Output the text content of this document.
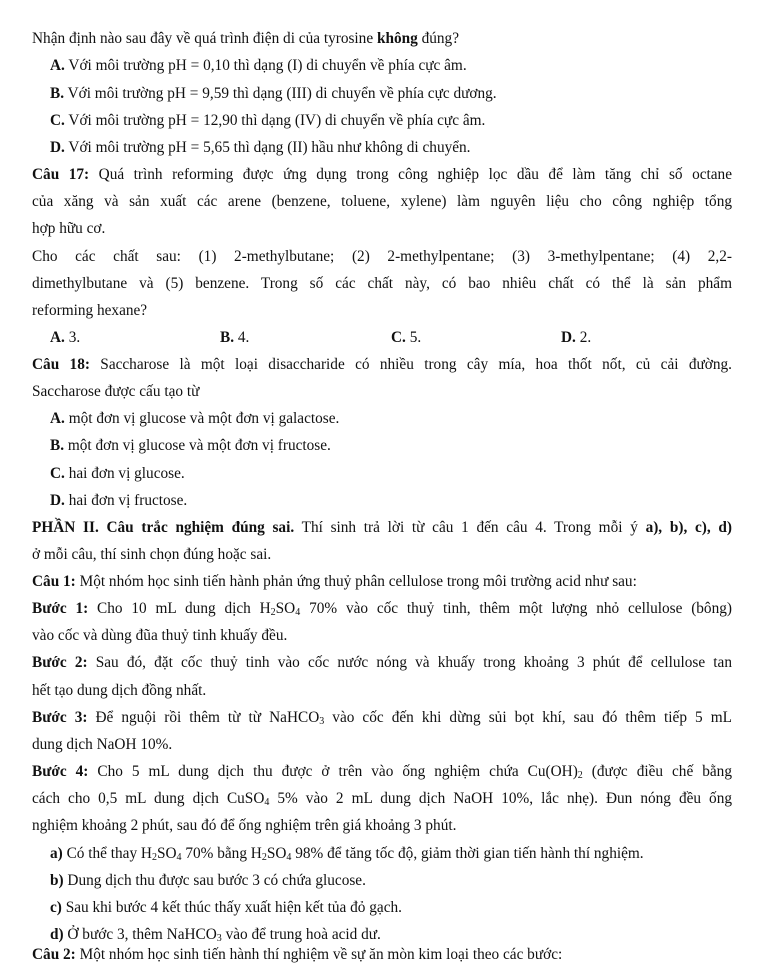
Nhận định nào sau đây về quá trình điện di của tyrosine không đúng?
A. Với môi trường pH = 0,10 thì dạng (I) di chuyển về phía cực âm.
B. Với môi trường pH = 9,59 thì dạng (III) di chuyển về phía cực dương.
C. Với môi trường pH = 12,90 thì dạng (IV) di chuyển về phía cực âm.
D. Với môi trường pH = 5,65 thì dạng (II) hầu như không di chuyển.
Câu 17: Quá trình reforming được ứng dụng trong công nghiệp lọc dầu để làm tăng chỉ số octane
của xăng và sản xuất các arene (benzene, toluene, xylene) làm nguyên liệu cho công nghiệp tổng
hợp hữu cơ.
Cho các chất sau: (1) 2-methylbutane; (2) 2-methylpentane; (3) 3-methylpentane; (4) 2,2-
dimethylbutane và (5) benzene. Trong số các chất này, có bao nhiêu chất có thể là sản phẩm
reforming hexane?
A. 3.	B. 4.	C. 5.	D. 2.
Câu 18: Saccharose là một loại disaccharide có nhiều trong cây mía, hoa thốt nốt, củ cải đường.
Saccharose được cấu tạo từ
A. một đơn vị glucose và một đơn vị galactose.
B. một đơn vị glucose và một đơn vị fructose.
C. hai đơn vị glucose.
D. hai đơn vị fructose.
PHẦN II. Câu trắc nghiệm đúng sai. Thí sinh trả lời từ câu 1 đến câu 4. Trong mỗi ý a), b), c), d)
ở mỗi câu, thí sinh chọn đúng hoặc sai.
Câu 1: Một nhóm học sinh tiến hành phản ứng thuỷ phân cellulose trong môi trường acid như sau:
Bước 1: Cho 10 mL dung dịch $H_2SO_4$ 70% vào cốc thuỷ tinh, thêm một lượng nhỏ cellulose (bông)
vào cốc và dùng đũa thuỷ tinh khuấy đều.
Bước 2: Sau đó, đặt cốc thuỷ tinh vào cốc nước nóng và khuấy trong khoảng 3 phút để cellulose tan
hết tạo dung dịch đồng nhất.
Bước 3: Để nguội rồi thêm từ từ NaHCO$_3$ vào cốc đến khi dừng sủi bọt khí, sau đó thêm tiếp 5 mL
dung dịch NaOH 10%.
Bước 4: Cho 5 mL dung dịch thu được ở trên vào ống nghiệm chứa $Cu(OH)_2$ (được điều chế bằng
cách cho 0,5 mL dung dịch CuSO$_4$ 5% vào 2 mL dung dịch NaOH 10%, lắc nhẹ). Đun nóng đều ống
nghiệm khoảng 2 phút, sau đó để ống nghiệm trên giá khoảng 3 phút.
a) Có thể thay $H_2SO_4$ 70% bằng $H_2SO_4$ 98% để tăng tốc độ, giảm thời gian tiến hành thí nghiệm.
b) Dung dịch thu được sau bước 3 có chứa glucose.
c) Sau khi bước 4 kết thúc thấy xuất hiện kết tủa đỏ gạch.
d) Ở bước 3, thêm NaHCO$_3$ vào để trung hoà acid dư.
Câu 2: Một nhóm học sinh tiến hành thí nghiệm về sự ăn mòn kim loại theo các bước:
